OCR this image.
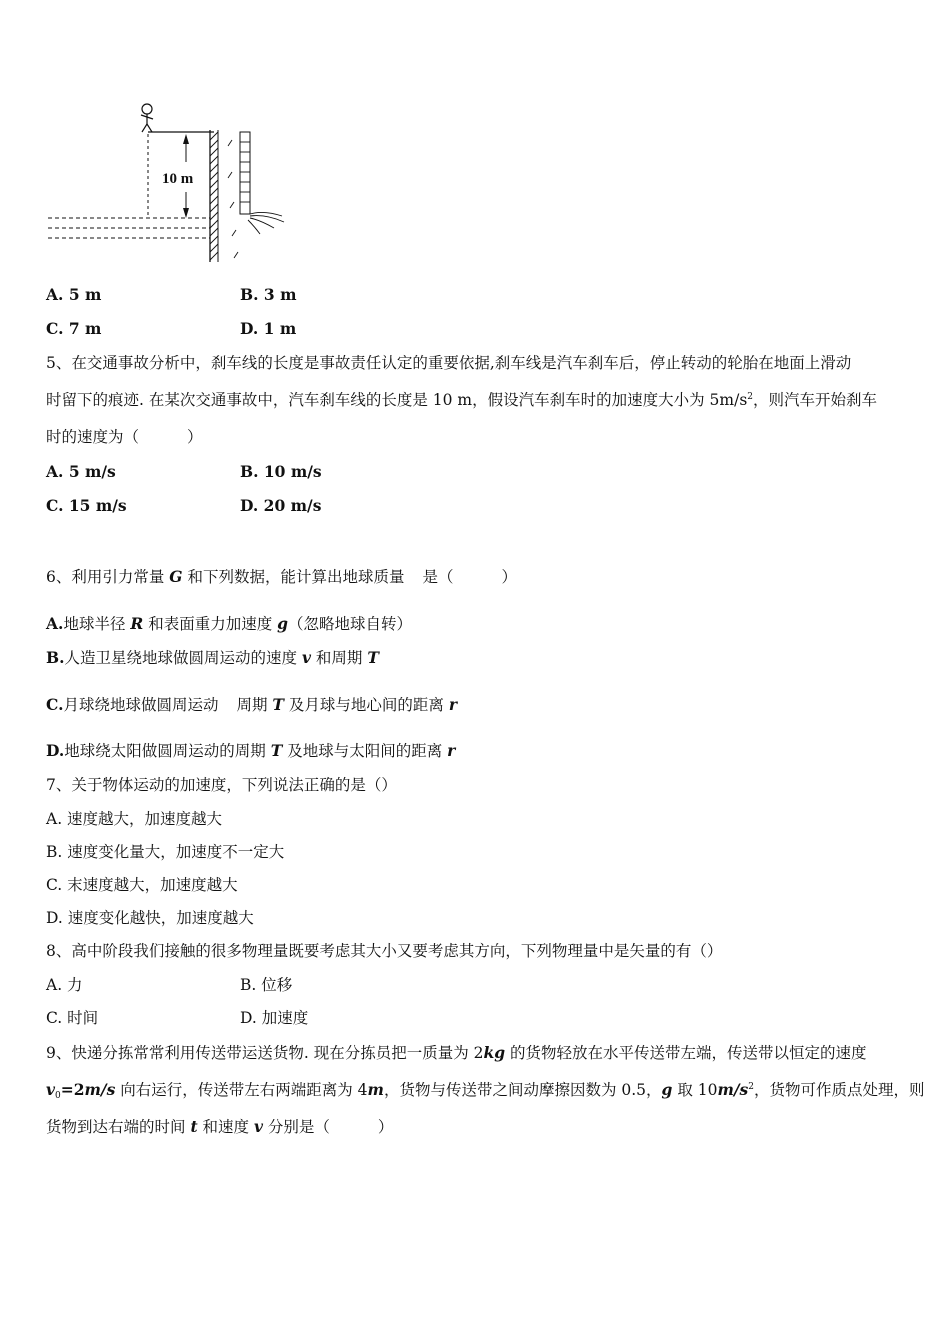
10 m
A. 5 m	B. 3 m
C. 7 m	D. 1 m
5、在交通事故分析中，刹车线的长度是事故责任认定的重要依据,刹车线是汽车刹车后，停止转动的轮胎在地面上滑动
时留下的痕迹. 在某次交通事故中，汽车刹车线的长度是 10 m，假设汽车刹车时的加速度大小为 $5m/s^2$，则汽车开始刹车
时的速度为（	）
A. 5 m/s	B. 10 m/s
C. 15 m/s	D. 20 m/s
6、利用引力常量 G 和下列数据，能计算出地球质量 是（	）
A.地球半径 R 和表面重力加速度 g（忽略地球自转）
B.人造卫星绕地球做圆周运动的速度 v 和周期 T
C.月球绕地球做圆周运动 周期 T 及月球与地心间的距离 r
D.地球绕太阳做圆周运动的周期 T 及地球与太阳间的距离 r
7、关于物体运动的加速度，下列说法正确的是（）
A. 速度越大，加速度越大
B. 速度变化量大，加速度不一定大
C. 末速度越大，加速度越大
D. 速度变化越快，加速度越大
8、高中阶段我们接触的很多物理量既要考虑其大小又要考虑其方向，下列物理量中是矢量的有（）
A. 力	B. 位移
C. 时间	D. 加速度
9、快递分拣常常利用传送带运送货物. 现在分拣员把一质量为 2kg 的货物轻放在水平传送带左端，传送带以恒定的速度
$v_0=2m/s$ 向右运行，传送带左右两端距离为 4m，货物与传送带之间动摩擦因数为 0.5，g 取 $10m/s^2$，货物可作质点处理，则
货物到达右端的时间 t 和速度 v 分别是（	）
